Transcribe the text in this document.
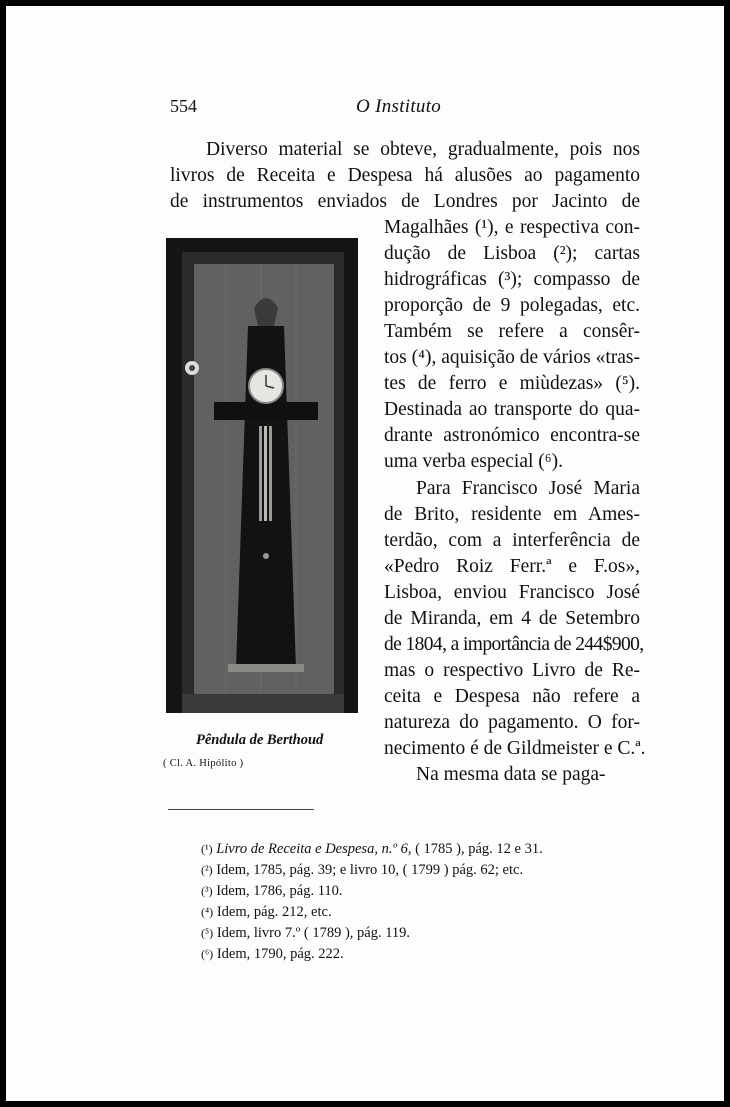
554	O Instituto
Diverso material se obteve, gradualmente, pois nos
livros de Receita e Despesa há alusões ao pagamento
de instrumentos enviados de Londres por Jacinto de
Magalhães (¹), e respectiva con-
dução de Lisboa (²); cartas
hidrográficas (³); compasso de
proporção de 9 polegadas, etc.
Também se refere a consêr-
tos (⁴), aquisição de vários «tras-
tes de ferro e miùdezas» (⁵).
Destinada ao transporte do qua-
drante astronómico encontra-se
uma verba especial (⁶).
Para Francisco José Maria
de Brito, residente em Ames-
terdão, com a interferência de
«Pedro Roiz Ferr.ª e F.os»,
Lisboa, enviou Francisco José
de Miranda, em 4 de Setembro
de 1804, a importância de 244$900,
mas o respectivo Livro de Re-
ceita e Despesa não refere a
natureza do pagamento. O for-
necimento é de Gildmeister e C.ª.
Na mesma data se paga-
Pêndula de Berthoud
( Cl. A. Hipólito )
(¹) Livro de Receita e Despesa, n.º 6, ( 1785 ), pág. 12 e 31.
(²) Idem, 1785, pág. 39; e livro 10, ( 1799 ) pág. 62; etc.
(³) Idem, 1786, pág. 110.
(⁴) Idem, pág. 212, etc.
(⁵) Idem, livro 7.º ( 1789 ), pág. 119.
(⁶) Idem, 1790, pág. 222.
